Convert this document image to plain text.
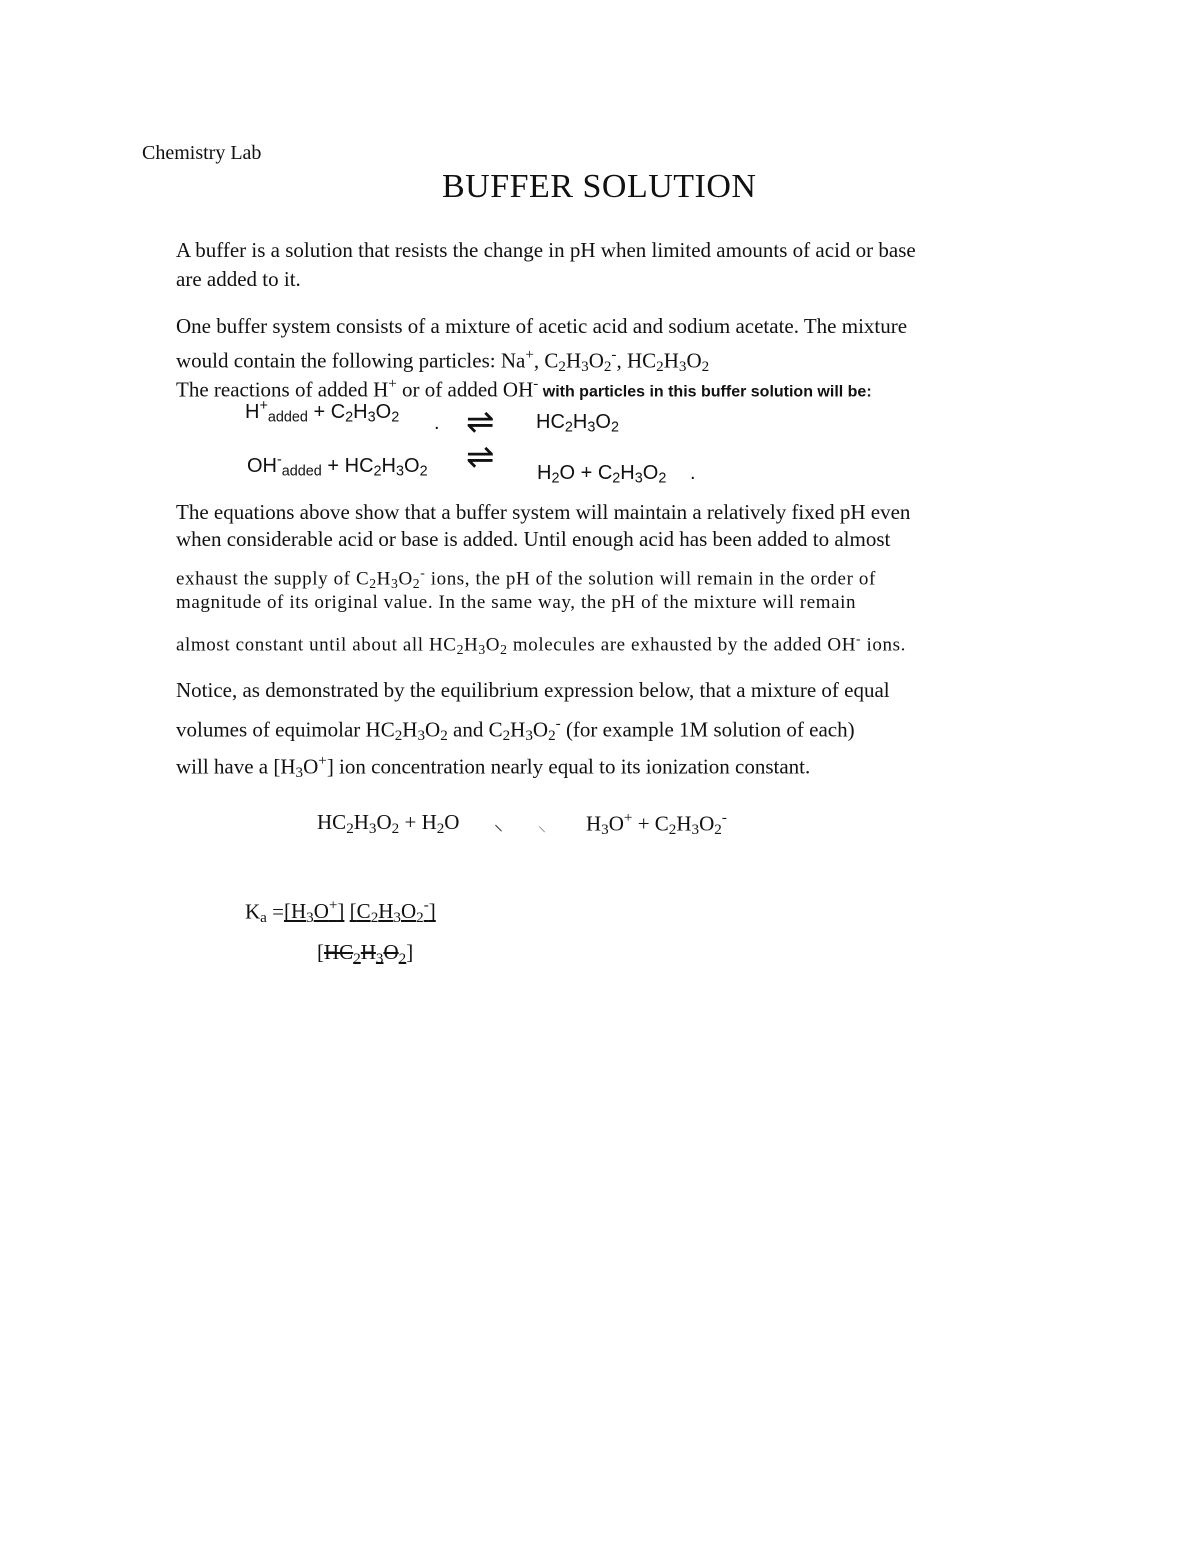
Chemistry Lab
BUFFER SOLUTION
A buffer is a solution that resists the change in pH when limited amounts of acid or base
are added to it.
One buffer system consists of a mixture of acetic acid and sodium acetate. The mixture
would contain the following particles: Na+, $C_2H_3O_2^-$, $HC_2H_3O_2$
The reactions of added H+ or of added OH- with particles in this buffer solution will be:
$H^+_{added} + C_2H_3O_2$ . ⇌ $HC_2H_3O_2$
$OH^-_{added} + HC_2H_3O_2$ ⇌ $H_2O + C_2H_3O_2$ .
The equations above show that a buffer system will maintain a relatively fixed pH even
when considerable acid or base is added. Until enough acid has been added to almost
exhaust the supply of $C_2H_3O_2^-$ ions, the pH of the solution will remain in the order of
magnitude of its original value. In the same way, the pH of the mixture will remain
almost constant until about all $HC_2H_3O_2$ molecules are exhausted by the added OH- ions.
Notice, as demonstrated by the equilibrium expression below, that a mixture of equal
volumes of equimolar $HC_2H_3O_2$ and $C_2H_3O_2^-$ (for example 1M solution of each)
will have a $[H_3O^+]$ ion concentration nearly equal to its ionization constant.
$HC_2H_3O_2 + H_2O$ ⸜ ⸜ $H_3O^+ + C_2H_3O_2^-$
$K_a =[H_3O^+]$ $[C_2H_3O_2^-]$
$[HC_2H_3O_2]$
